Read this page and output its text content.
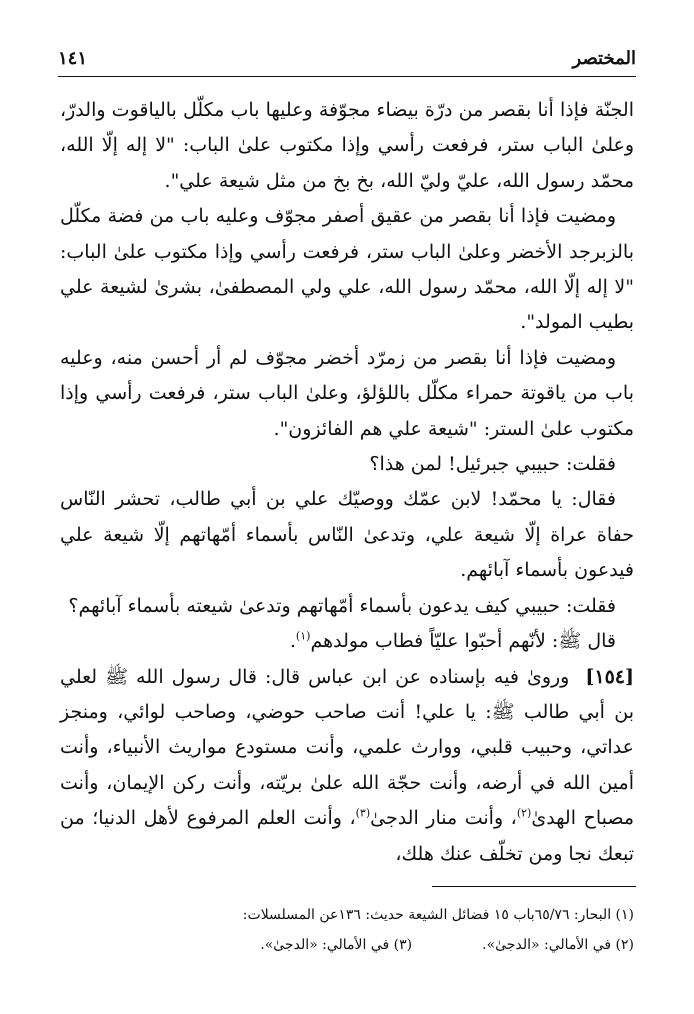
المختصر
١٤١

الجنّة فإذا أنا بقصر من درّة بيضاء مجوّفة وعليها باب مكلّل بالياقوت والدرّ، وعلىٰ الباب ستر، فرفعت رأسي وإذا مكتوب علىٰ الباب: "لا إله إلّا الله، محمّد رسول الله، عليّ وليّ الله، بخ بخ من مثل شيعة علي".

ومضيت فإذا أنا بقصر من عقيق أصفر مجوّف وعليه باب من فضة مكلّل بالزبرجد الأخضر وعلىٰ الباب ستر، فرفعت رأسي وإذا مكتوب علىٰ الباب: "لا إله إلّا الله، محمّد رسول الله، علي ولي المصطفىٰ، بشرىٰ لشيعة علي بطيب المولد".

ومضيت فإذا أنا بقصر من زمرّد أخضر مجوّف لم أر أحسن منه، وعليه باب من ياقوتة حمراء مكلّل باللؤلؤ، وعلىٰ الباب ستر، فرفعت رأسي وإذا مكتوب علىٰ الستر: "شيعة علي هم الفائزون".

فقلت: حبيبي جبرئيل! لمن هذا؟

فقال: يا محمّد! لابن عمّك ووصيّك علي بن أبي طالب، تحشر النّاس حفاة عراة إلّا شيعة علي، وتدعىٰ النّاس بأسماء أمّهاتهم إلّا شيعة علي فيدعون بأسماء آبائهم.

فقلت: حبيبي كيف يدعون بأسماء أمّهاتهم وتدعىٰ شيعته بأسماء آبائهم؟

قال ﷺ: لأنّهم أحبّوا عليّاً فطاب مولدهم$^{(١)}$.

[١٥٤]  وروىٰ فيه بإسناده عن ابن عباس قال: قال رسول الله ﷺ لعلي بن أبي طالب ﷺ: يا علي! أنت صاحب حوضي، وصاحب لوائي، ومنجز عداتي، وحبيب قلبي، ووارث علمي، وأنت مستودع مواريث الأنبياء، وأنت أمين الله في أرضه، وأنت حجّة الله علىٰ بريّته، وأنت ركن الإيمان، وأنت مصباح الهدىٰ$^{(٢)}$، وأنت منار الدجىٰ$^{(٣)}$، وأنت العلم المرفوع لأهل الدنيا؛ من تبعك نجا ومن تخلّف عنك هلك،

(١) البحار: ٦٥/٧٦باب ١٥ فضائل الشيعة حديث: ١٣٦عن المسلسلات:

(٢) في الأمالي: «الدجىٰ».
(٣) في الأمالي: «الدجىٰ».
